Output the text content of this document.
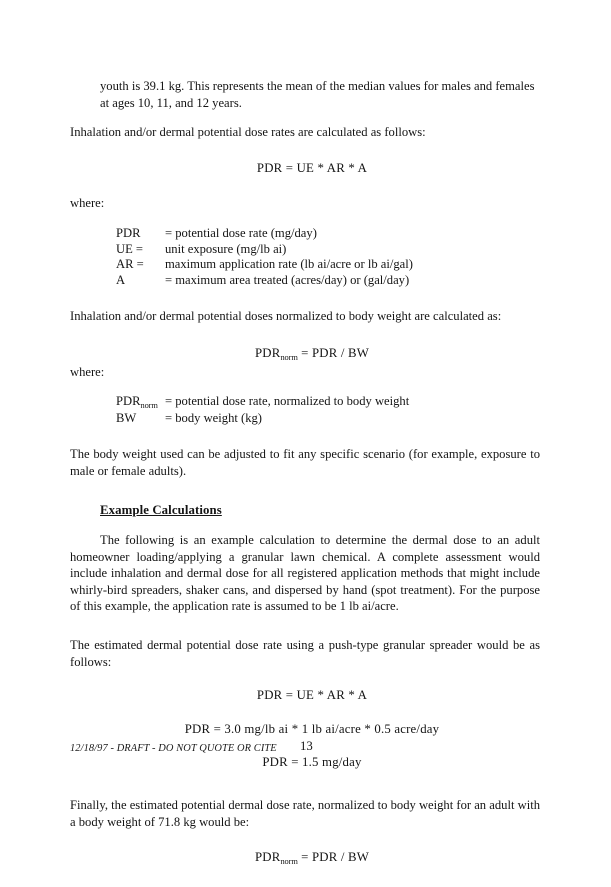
youth is 39.1 kg. This represents the mean of the median values for males and females at ages 10, 11, and 12 years.

Inhalation and/or dermal potential dose rates are calculated as follows:

PDR = UE * AR * A

where:

PDR	= potential dose rate (mg/day)
UE =	unit exposure (mg/lb ai)
AR =	maximum application rate (lb ai/acre or lb ai/gal)
A	= maximum area treated (acres/day) or (gal/day)

Inhalation and/or dermal potential doses normalized to body weight are calculated as:

$PDR_{norm}$ = PDR / BW

where:

$PDR_{norm}$	= potential dose rate, normalized to body weight
BW	= body weight (kg)

The body weight used can be adjusted to fit any specific scenario (for example, exposure to male or female adults).

Example Calculations

The following is an example calculation to determine the dermal dose to an adult homeowner loading/applying a granular lawn chemical. A complete assessment would include inhalation and dermal dose for all registered application methods that might include whirly-bird spreaders, shaker cans, and dispersed by hand (spot treatment). For the purpose of this example, the application rate is assumed to be 1 lb ai/acre.

The estimated dermal potential dose rate using a push-type granular spreader would be as follows:

PDR = UE * AR * A

PDR = 3.0 mg/lb ai * 1 lb ai/acre * 0.5 acre/day

PDR = 1.5 mg/day

Finally, the estimated potential dermal dose rate, normalized to body weight for an adult with a body weight of 71.8 kg would be:

$PDR_{norm}$ = PDR / BW

12/18/97 - DRAFT - DO NOT QUOTE OR CITE 13
